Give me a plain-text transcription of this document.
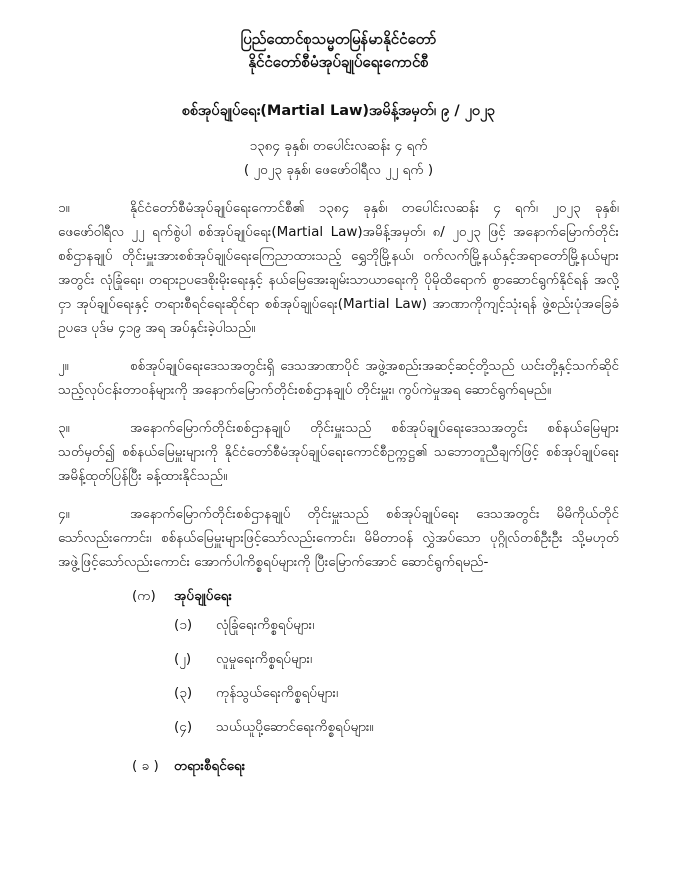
ပြည်ထောင်စုသမ္မတမြန်မာနိုင်ငံတော်
နိုင်ငံတော်စီမံအုပ်ချုပ်ရေးကောင်စီ
စစ်အုပ်ချုပ်ရေး(Martial Law)အမိန့်အမှတ်၊ ၉ / ၂၀၂၃
၁၃၈၄ ခုနှစ်၊ တပေါင်းလဆန်း ၄ ရက်
( ၂၀၂၃ ခုနှစ်၊ ဖေဖော်ဝါရီလ ၂၂ ရက် )
၁။	နိုင်ငံတော်စီမံအုပ်ချုပ်ရေးကောင်စီ၏ ၁၃၈၄ ခုနှစ်၊ တပေါင်းလဆန်း ၄ ရက်၊ ၂၀၂၃ ခုနှစ်၊ ဖေဖော်ဝါရီလ ၂၂ ရက်စွဲပါ စစ်အုပ်ချုပ်ရေး(Martial Law)အမိန့်အမှတ်၊ ၈/ ၂၀၂၃ ဖြင့် အနောက်မြောက်တိုင်းစစ်ဌာနချုပ် တိုင်းမှူးအားစစ်အုပ်ချုပ်ရေးကြေညာထားသည့် ရွှေဘိုမြို့နယ်၊ ဝက်လက်မြို့နယ်နှင့်အရာတော်မြို့နယ်များအတွင်း လုံခြုံရေး၊ တရားဥပဒေစိုးမိုးရေးနှင့် နယ်မြေအေးချမ်းသာယာရေးကို ပိုမိုထိရောက် စွာဆောင်ရွက်နိုင်ရန် အလို့ငှာ အုပ်ချုပ်ရေးနှင့် တရားစီရင်ရေးဆိုင်ရာ စစ်အုပ်ချုပ်ရေး(Martial Law) အာဏာကိုကျင့်သုံးရန် ဖွဲ့စည်းပုံအခြေခံဥပဒေ ပုဒ်မ ၄၁၉ အရ အပ်နှင်းခဲ့ပါသည်။
၂။	စစ်အုပ်ချုပ်ရေးဒေသအတွင်းရှိ ဒေသအာဏာပိုင် အဖွဲ့အစည်းအဆင့်ဆင့်တို့သည် ယင်းတို့နှင့်သက်ဆိုင်သည့်လုပ်ငန်းတာဝန်များကို အနောက်မြောက်တိုင်းစစ်ဌာနချုပ် တိုင်းမှူး၊ ကွပ်ကဲမှုအရ ဆောင်ရွက်ရမည်။
၃။	အနောက်မြောက်တိုင်းစစ်ဌာနချုပ် တိုင်းမှူးသည် စစ်အုပ်ချုပ်ရေးဒေသအတွင်း စစ်နယ်မြေများ သတ်မှတ်၍ စစ်နယ်မြေမှူးများကို နိုင်ငံတော်စီမံအုပ်ချုပ်ရေးကောင်စီဥက္ကဋ္ဌ၏ သဘောတူညီချက်ဖြင့် စစ်အုပ်ချုပ်ရေးအမိန့်ထုတ်ပြန်ပြီး ခန့်ထားနိုင်သည်။
၄။	အနောက်မြောက်တိုင်းစစ်ဌာနချုပ် တိုင်းမှူးသည် စစ်အုပ်ချုပ်ရေး ဒေသအတွင်း မိမိကိုယ်တိုင်သော်လည်းကောင်း၊ စစ်နယ်မြေမှူးများဖြင့်သော်လည်းကောင်း၊ မိမိတာဝန် လွှဲအပ်သော ပုဂ္ဂိုလ်တစ်ဦးဦး သို့မဟုတ် အဖွဲ့ဖြင့်သော်လည်းကောင်း အောက်ပါကိစ္စရပ်များကို ပြီးမြောက်အောင် ဆောင်ရွက်ရမည်-
(က) အုပ်ချုပ်ရေး
(၁) လုံခြုံရေးကိစ္စရပ်များ၊
(၂) လူမှုရေးကိစ္စရပ်များ၊
(၃) ကုန်သွယ်ရေးကိစ္စရပ်များ၊
(၄) သယ်ယူပို့ဆောင်ရေးကိစ္စရပ်များ။
( ခ ) တရားစီရင်ရေး
